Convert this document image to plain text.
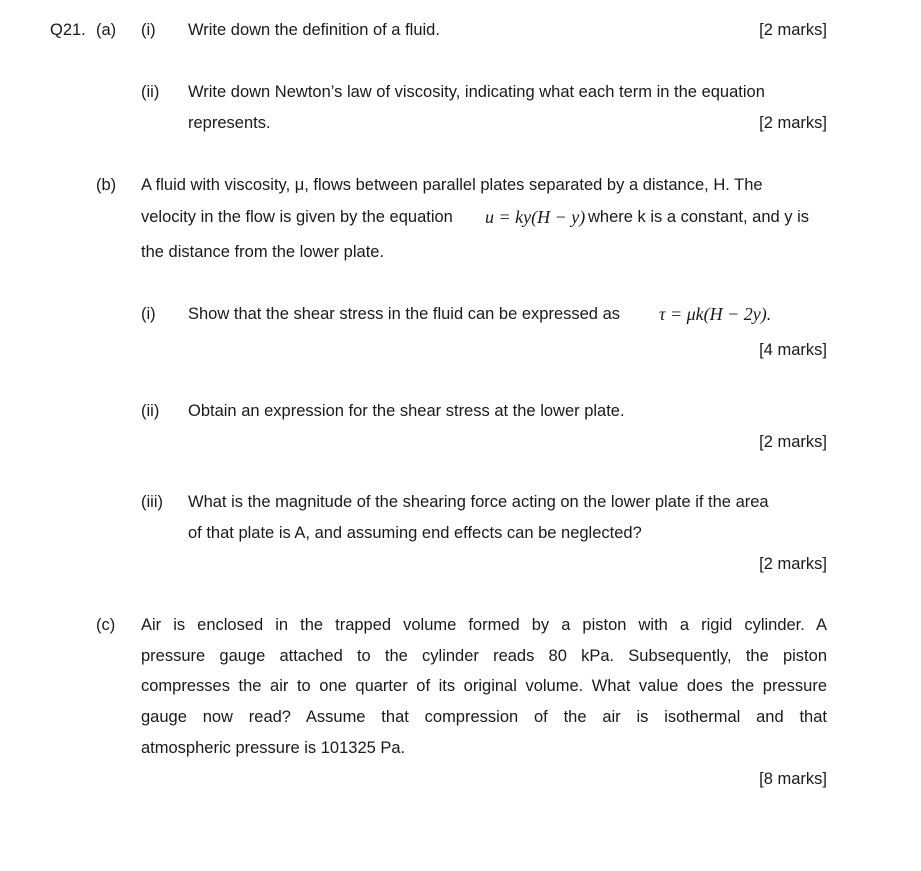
Q21. (a) (i) Write down the definition of a fluid.	[2 marks]
(ii) Write down Newton’s law of viscosity, indicating what each term in the equation
represents.	[2 marks]
(b) A fluid with viscosity, μ, flows between parallel plates separated by a distance, H. The
velocity in the flow is given by the equation u = ky(H − y) where k is a constant, and y is
the distance from the lower plate.
(i) Show that the shear stress in the fluid can be expressed as τ = μk(H − 2y).
[4 marks]
(ii) Obtain an expression for the shear stress at the lower plate.
[2 marks]
(iii) What is the magnitude of the shearing force acting on the lower plate if the area
of that plate is A, and assuming end effects can be neglected?
[2 marks]
(c) Air is enclosed in the trapped volume formed by a piston with a rigid cylinder. A
pressure gauge attached to the cylinder reads 80 kPa. Subsequently, the piston
compresses the air to one quarter of its original volume. What value does the pressure
gauge now read? Assume that compression of the air is isothermal and that
atmospheric pressure is 101325 Pa.
[8 marks]
